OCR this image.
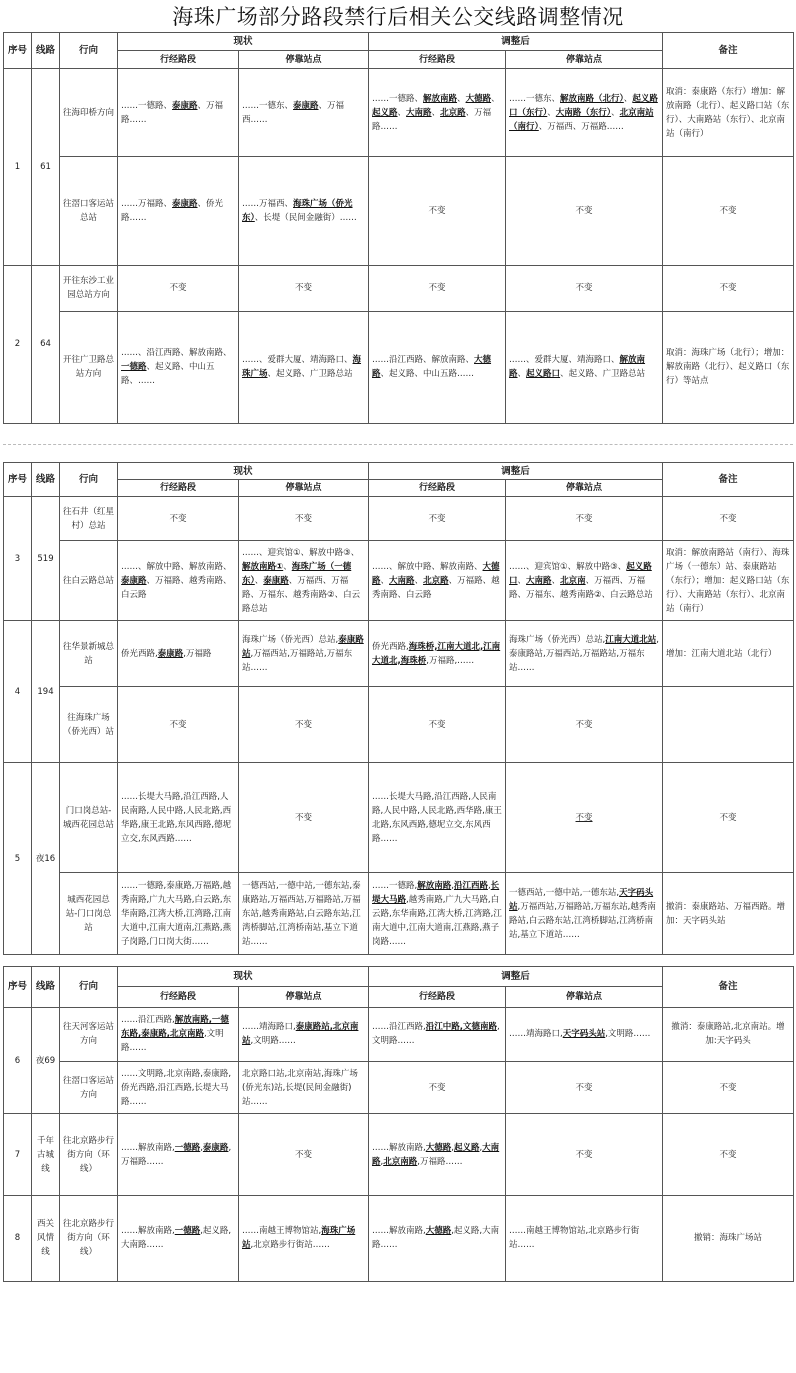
海珠广场部分路段禁行后相关公交线路调整情况
序号	线路	行向	现状		调整后		备注
			行经路段	停靠站点	行经路段	停靠站点	
1	61	往海印桥方向	……一德路、泰康路、万福路……	……一德东、泰康路、万福西……	……一德路、解放南路、大德路、起义路、大南路、北京路、万福路……	……一德东、解放南路（北行）、起义路口（东行）、大南路（东行）、北京南站（南行）、万福西、万福路……	取消：泰康路（东行）增加：解放南路（北行）、起义路口站（东行）、大南路站（东行）、北京南站（南行）
		往滘口客运站总站	……万福路、泰康路、侨光路……	……万福西、海珠广场（侨光东）、长堤（民间金融街）……	不变	不变	不变
2	64	开往东沙工业园总站方向	不变	不变	不变	不变	不变
		开往广卫路总站方向	……、沿江西路、解放南路、一德路、起义路、中山五路、……	……、爱群大厦、靖海路口、海珠广场、起义路、广卫路总站	……沿江西路、解放南路、大德路、起义路、中山五路……	……、爱群大厦、靖海路口、解放南路、起义路口、起义路、广卫路总站	取消：海珠广场（北行）；增加：解放南路（北行）、起义路口（东行）等站点
序号	线路	行向	现状		调整后		备注
			行经路段	停靠站点	行经路段	停靠站点	
3	519	往石井（红星村）总站	不变	不变	不变	不变	不变
		往白云路总站	……、解放中路、解放南路、泰康路、万福路、越秀南路、白云路	……、迎宾馆①、解放中路③、解放南路①、海珠广场（一德东）、泰康路、万福西、万福路、万福东、越秀南路②、白云路总站	……、解放中路、解放南路、大德路、大南路、北京路、万福路、越秀南路、白云路	……、迎宾馆①、解放中路③、起义路口、大南路、北京南、万福西、万福路、万福东、越秀南路②、白云路总站	取消：解放南路站（南行）、海珠广场（一德东）站、泰康路站（东行）；增加：起义路口站（东行）、大南路站（东行）、北京南站（南行）
4	194	往华景新城总站	侨光西路,泰康路,万福路	海珠广场（侨光西）总站,泰康路站,万福西站,万福路站,万福东站……	侨光西路,海珠桥,江南大道北,江南大道北,海珠桥,万福路,……	海珠广场（侨光西）总站,江南大道北站,泰康路站,万福西站,万福路站,万福东站……	增加：江南大道北站（北行）
		往海珠广场（侨光西）站	不变	不变	不变	不变	
5	夜16	门口岗总站-城西花园总站	……长堤大马路,沿江西路,人民南路,人民中路,人民北路,西华路,康王北路,东风西路,德坭立交,东风西路……	不变	……长堤大马路,沿江西路,人民南路,人民中路,人民北路,西华路,康王北路,东风西路,德坭立交,东风西路……	不变	不变
		城西花园总站-门口岗总站	……一德路,泰康路,万福路,越秀南路,广九大马路,白云路,东华南路,江湾大桥,江湾路,江南大道中,江南大道南,江燕路,燕子岗路,门口岗大街……	一德西站,一德中站,一德东站,泰康路站,万福西站,万福路站,万福东站,越秀南路站,白云路东站,江湾桥脚站,江湾桥南站,基立下道站……	……一德路,解放南路,沿江西路,长堤大马路,越秀南路,广九大马路,白云路,东华南路,江湾大桥,江湾路,江南大道中,江南大道南,江燕路,燕子岗路……	一德西站,一德中站,一德东站,天字码头站,万福西站,万福路站,万福东站,越秀南路站,白云路东站,江湾桥脚站,江湾桥南站,基立下道站……	撤消：泰康路站、万福西路。增加：天字码头站
序号	线路	行向	现状		调整后		备注
			行经路段	停靠站点	行经路段	停靠站点	
6	夜69	往天河客运站方向	……沿江西路,解放南路,一德东路,泰康路,北京南路,文明路……	……靖海路口,泰康路站,北京南站,文明路……	……沿江西路,沿江中路,文德南路,文明路……	……靖海路口,天字码头站,文明路……	撤消：泰康路站,北京南站。增加:天字码头
		往滘口客运站方向	……文明路,北京南路,泰康路,侨光西路,沿江西路,长堤大马路……	北京路口站,北京南站,海珠广场(侨光东)站,长堤(民间金融街)站……	不变	不变	不变
7	千年古城线	往北京路步行街方向（环线）	……解放南路,一德路,泰康路,万福路……	不变	……解放南路,大德路,起义路,大南路,北京南路,万福路……	不变	不变
8	西关风情线	往北京路步行街方向（环线）	……解放南路,一德路,起义路,大南路……	……南越王博物馆站,海珠广场站,北京路步行街站……	……解放南路,大德路,起义路,大南路……	……南越王博物馆站,北京路步行街站……	撤销：海珠广场站
